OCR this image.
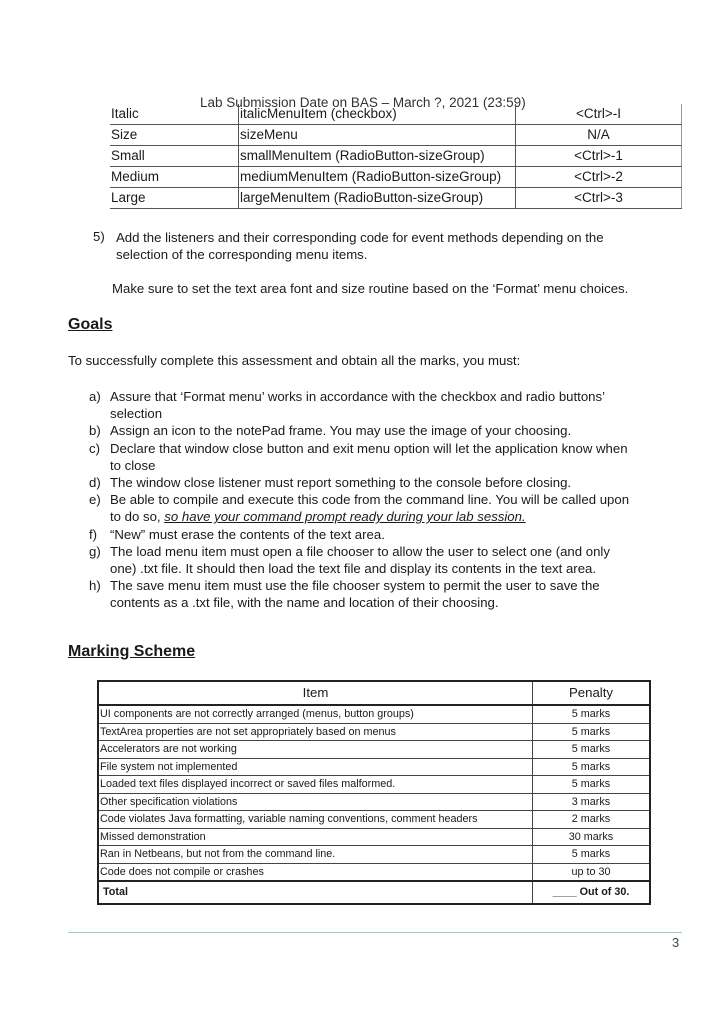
Lab Submission Date on BAS – March ?, 2021 (23:59)
Italic	italicMenuItem (checkbox)	<Ctrl>-I
Size	sizeMenu	N/A
Small	smallMenuItem (RadioButton-sizeGroup)	<Ctrl>-1
Medium	mediumMenuItem (RadioButton-sizeGroup)	<Ctrl>-2
Large	largeMenuItem (RadioButton-sizeGroup)	<Ctrl>-3
5) Add the listeners and their corresponding code for event methods depending on the
selection of the corresponding menu items.
Make sure to set the text area font and size routine based on the ‘Format’ menu choices.
Goals
To successfully complete this assessment and obtain all the marks, you must:
a) Assure that ‘Format menu’ works in accordance with the checkbox and radio buttons’
selection
b) Assign an icon to the notePad frame. You may use the image of your choosing.
c) Declare that window close button and exit menu option will let the application know when
to close
d) The window close listener must report something to the console before closing.
e) Be able to compile and execute this code from the command line. You will be called upon
to do so, so have your command prompt ready during your lab session.
f) “New” must erase the contents of the text area.
g) The load menu item must open a file chooser to allow the user to select one (and only
one) .txt file. It should then load the text file and display its contents in the text area.
h) The save menu item must use the file chooser system to permit the user to save the
contents as a .txt file, with the name and location of their choosing.
Marking Scheme
Item	Penalty
UI components are not correctly arranged (menus, button groups)	5 marks
TextArea properties are not set appropriately based on menus	5 marks
Accelerators are not working	5 marks
File system not implemented	5 marks
Loaded text files displayed incorrect or saved files malformed.	5 marks
Other specification violations	3 marks
Code violates Java formatting, variable naming conventions, comment headers	2 marks
Missed demonstration	30 marks
Ran in Netbeans, but not from the command line.	5 marks
Code does not compile or crashes	up to 30
Total	____ Out of 30.
3
